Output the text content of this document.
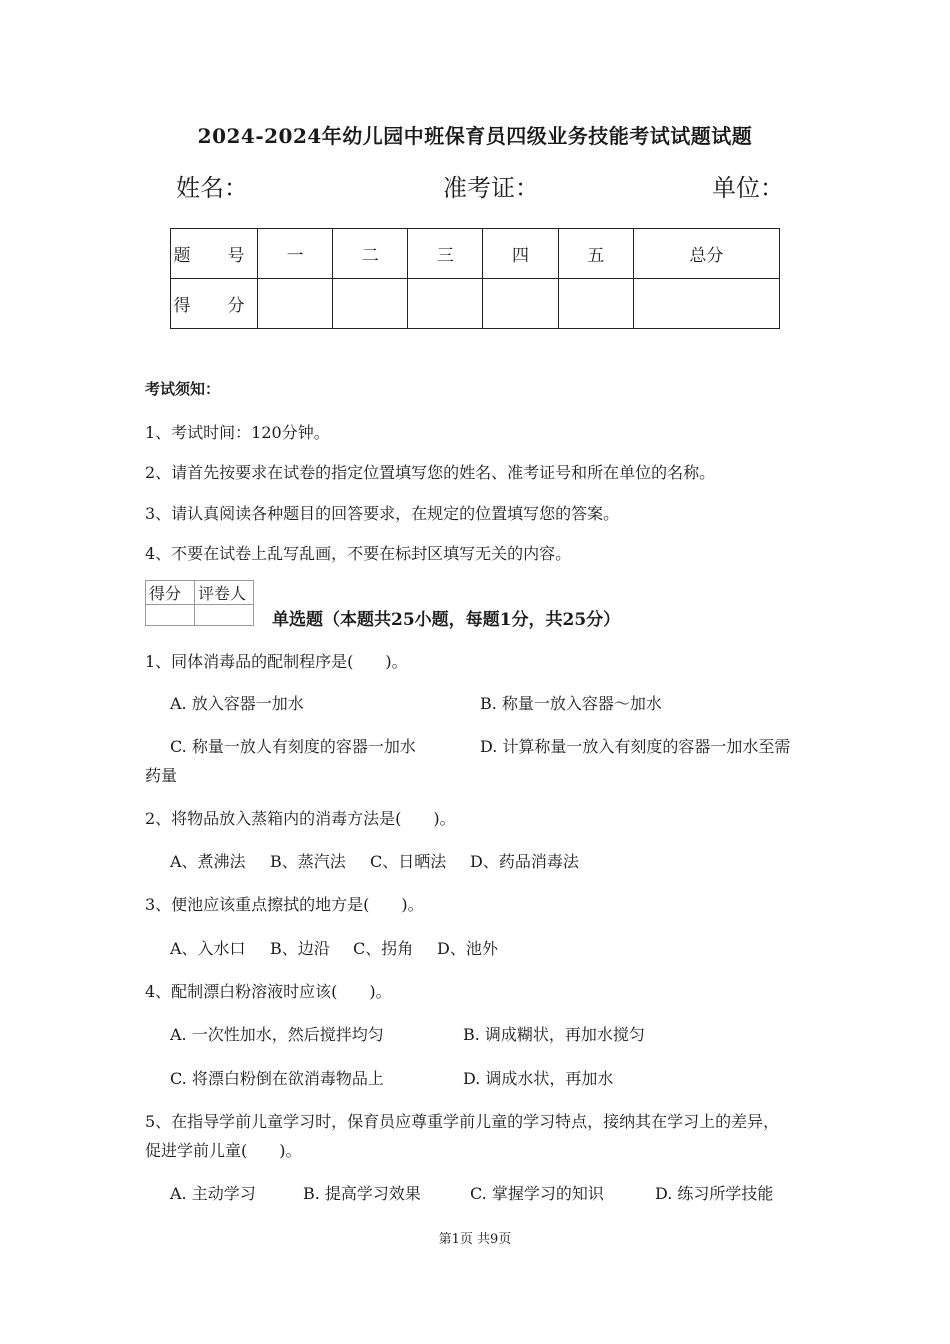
2024-2024年幼儿园中班保育员四级业务技能考试试题试题
姓名：	准考证：	单位：
题　号	一	二	三	四	五	总分
得　分						
考试须知：
1、考试时间：120分钟。
2、请首先按要求在试卷的指定位置填写您的姓名、准考证号和所在单位的名称。
3、请认真阅读各种题目的回答要求，在规定的位置填写您的答案。
4、不要在试卷上乱写乱画，不要在标封区填写无关的内容。
得分	评卷人

单选题（本题共25小题，每题1分，共25分）
1、同体消毒品的配制程序是(　　)。
A. 放入容器一加水	B. 称量一放入容器～加水
C. 称量一放人有刻度的容器一加水	D. 计算称量一放入有刻度的容器一加水至需
药量
2、将物品放入蒸箱内的消毒方法是(　　)。
A、煮沸法 B、蒸汽法 C、日晒法 D、药品消毒法
3、便池应该重点擦拭的地方是(　　)。
A、入水口 B、边沿 C、拐角 D、池外
4、配制漂白粉溶液时应该(　　)。
A. 一次性加水，然后搅拌均匀	B. 调成糊状，再加水搅匀
C. 将漂白粉倒在欲消毒物品上	D. 调成水状，再加水
5、在指导学前儿童学习时，保育员应尊重学前儿童的学习特点，接纳其在学习上的差异，
促进学前儿童(　　)。
A. 主动学习	B. 提高学习效果	C. 掌握学习的知识	D. 练习所学技能
第1页 共9页
